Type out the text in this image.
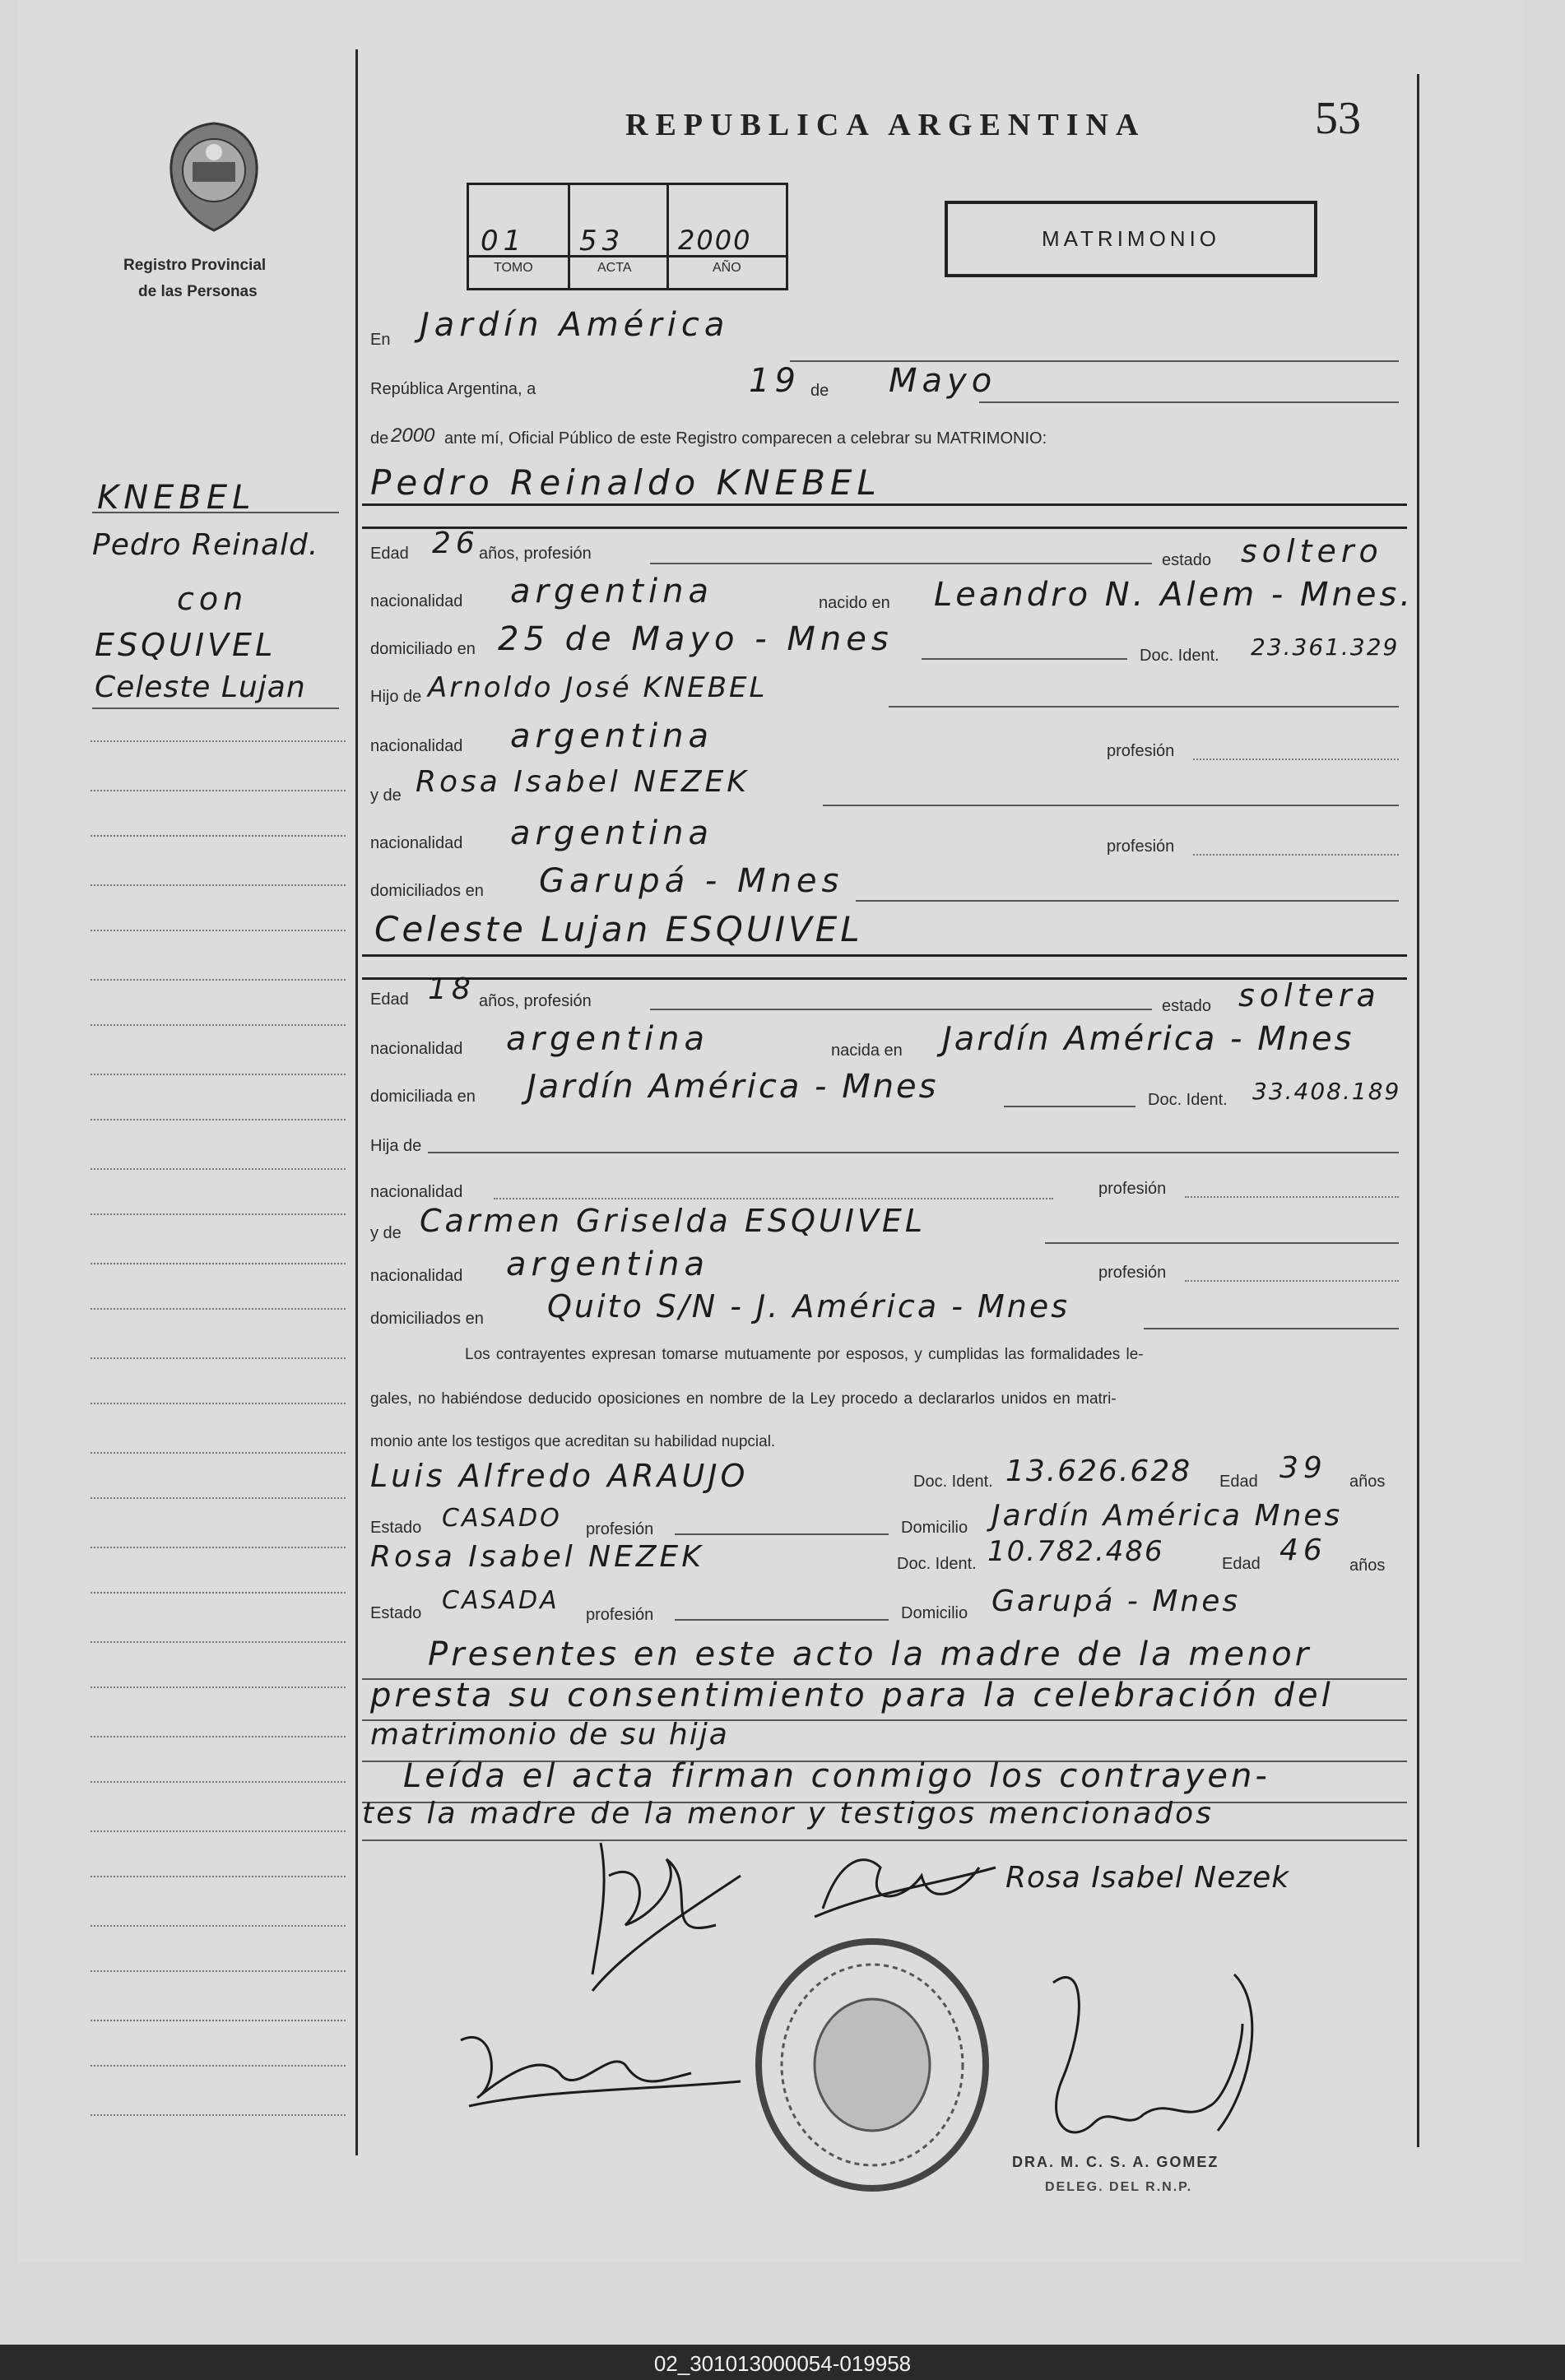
Registro Provincial
de las Personas
REPUBLICA ARGENTINA	53
01 53 2000
TOMO	ACTA	AÑO
MATRIMONIO
KNEBEL
Pedro Reinald.
con
ESQUIVEL
Celeste Lujan
En Jardín América
República Argentina, a	19 de Mayo
de 2000 ante mí, Oficial Público de este Registro comparecen a celebrar su MATRIMONIO:
Pedro Reinaldo KNEBEL
Edad 26 años, profesión	estado soltero
nacionalidad argentina	nacido en Leandro N. Alem - Mnes.
domiciliado en 25 de Mayo - Mnes	Doc. Ident. 23.361.329
Hijo de Arnoldo José KNEBEL
nacionalidad argentina	profesión
y de Rosa Isabel NEZEK
nacionalidad argentina	profesión
domiciliados en Garupá - Mnes
Celeste Lujan ESQUIVEL
Edad 18 años, profesión	estado soltera
nacionalidad argentina	nacida en Jardín América - Mnes
domiciliada en Jardín América - Mnes	Doc. Ident. 33.408.189
Hija de
nacionalidad	profesión
y de Carmen Griselda ESQUIVEL
nacionalidad argentina	profesión
domiciliados en Quito S/N - J. América - Mnes
Los contrayentes expresan tomarse mutuamente por esposos, y cumplidas las formalidades le-
gales, no habiéndose deducido oposiciones en nombre de la Ley procedo a declararlos unidos en matri-
monio ante los testigos que acreditan su habilidad nupcial.
Luis Alfredo ARAUJO	Doc. Ident. 13.626.628 Edad 39 años
Estado CASADO profesión	Domicilio Jardín América Mnes
Rosa Isabel NEZEK	Doc. Ident. 10.782.486	Edad 46 años
Estado CASADA profesión	Domicilio Garupá - Mnes
Presentes en este acto la madre de la menor
presta su consentimiento para la celebración del
matrimonio de su hija
Leída el acta firman conmigo los contrayen-
tes la madre de la menor y testigos mencionados
Rosa Isabel Nezek
DRA. M. C. S. A. GOMEZ
DELEG. DEL R.N.P.
02_301013000054-019958
